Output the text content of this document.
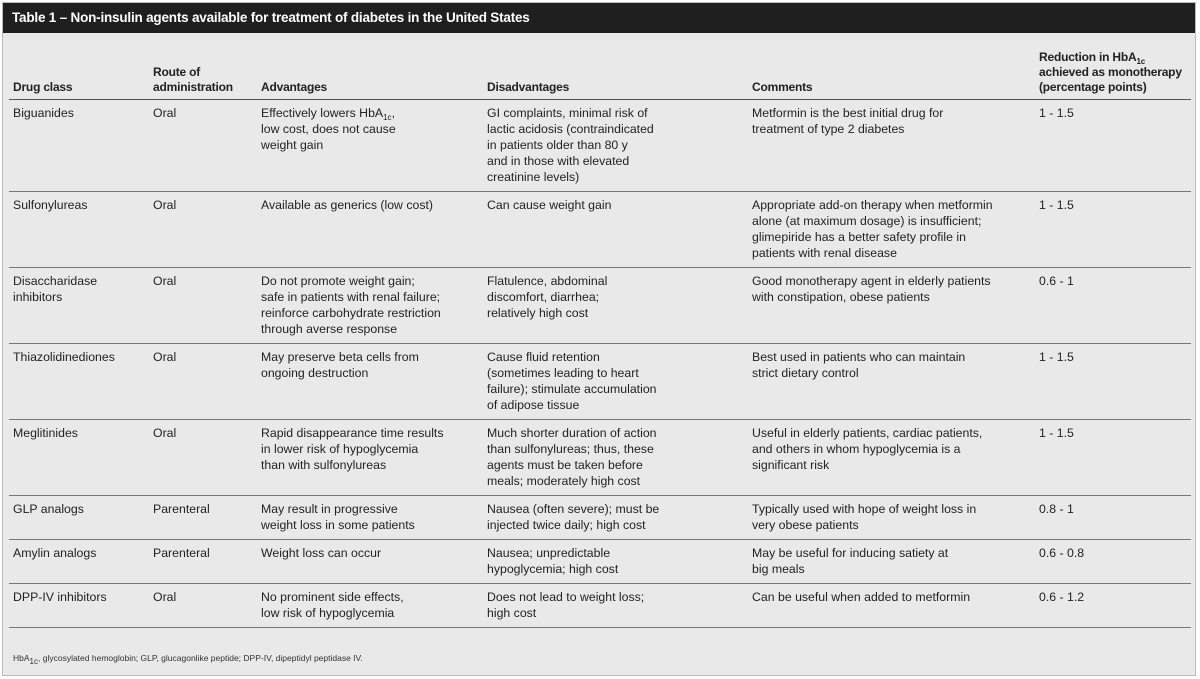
Table 1 – Non-insulin agents available for treatment of diabetes in the United States
Drug class	Route of
administration	Advantages	Disadvantages	Comments	Reduction in HbA$_{1c}$
achieved as monotherapy
(percentage points)
Biguanides	Oral	Effectively lowers HbA$_{1c}$,
low cost, does not cause
weight gain	GI complaints, minimal risk of
lactic acidosis (contraindicated
in patients older than 80 y
and in those with elevated
creatinine levels)	Metformin is the best initial drug for
treatment of type 2 diabetes	1 - 1.5
Sulfonylureas	Oral	Available as generics (low cost)	Can cause weight gain	Appropriate add-on therapy when metformin
alone (at maximum dosage) is insufficient;
glimepiride has a better safety profile in
patients with renal disease	1 - 1.5
Disaccharidase
inhibitors	Oral	Do not promote weight gain;
safe in patients with renal failure;
reinforce carbohydrate restriction
through averse response	Flatulence, abdominal
discomfort, diarrhea;
relatively high cost	Good monotherapy agent in elderly patients
with constipation, obese patients	0.6 - 1
Thiazolidinediones	Oral	May preserve beta cells from
ongoing destruction	Cause fluid retention
(sometimes leading to heart
failure); stimulate accumulation
of adipose tissue	Best used in patients who can maintain
strict dietary control	1 - 1.5
Meglitinides	Oral	Rapid disappearance time results
in lower risk of hypoglycemia
than with sulfonylureas	Much shorter duration of action
than sulfonylureas; thus, these
agents must be taken before
meals; moderately high cost	Useful in elderly patients, cardiac patients,
and others in whom hypoglycemia is a
significant risk	1 - 1.5
GLP analogs	Parenteral	May result in progressive
weight loss in some patients	Nausea (often severe); must be
injected twice daily; high cost	Typically used with hope of weight loss in
very obese patients	0.8 - 1
Amylin analogs	Parenteral	Weight loss can occur	Nausea; unpredictable
hypoglycemia; high cost	May be useful for inducing satiety at
big meals	0.6 - 0.8
DPP-IV inhibitors	Oral	No prominent side effects,
low risk of hypoglycemia	Does not lead to weight loss;
high cost	Can be useful when added to metformin	0.6 - 1.2
HbA$_{1c}$, glycosylated hemoglobin; GLP, glucagonlike peptide; DPP-IV, dipeptidyl peptidase IV.
